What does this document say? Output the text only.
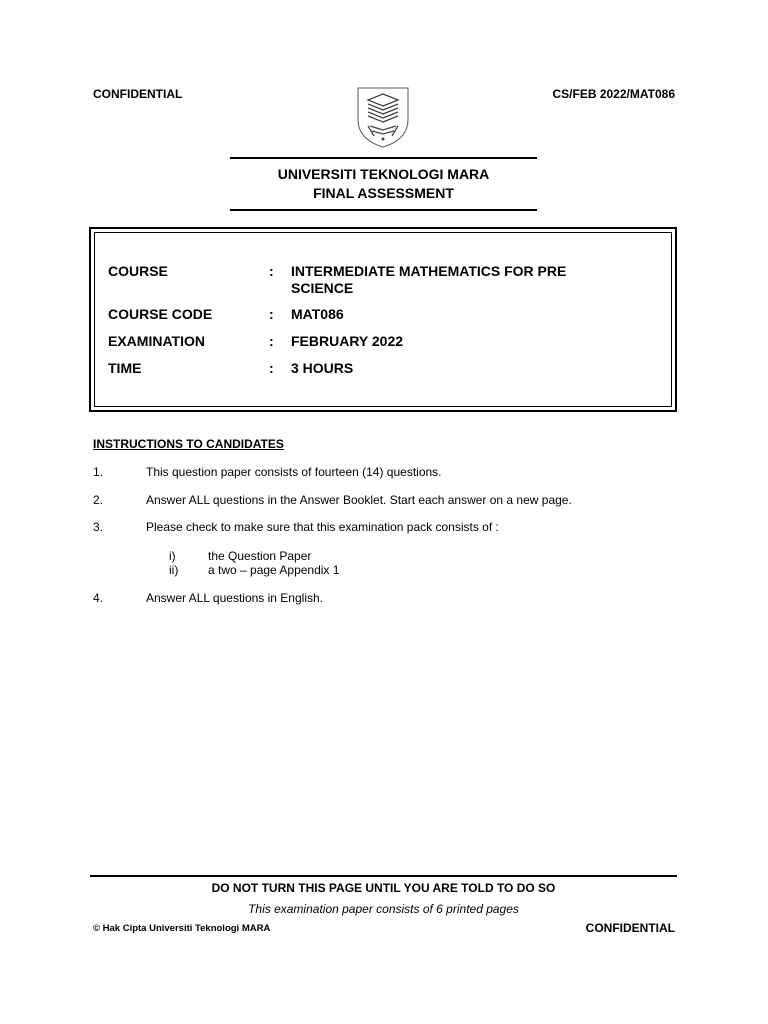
CONFIDENTIAL	CS/FEB 2022/MAT086
UNIVERSITI TEKNOLOGI MARA
FINAL ASSESSMENT
COURSE	: INTERMEDIATE MATHEMATICS FOR PRE SCIENCE
COURSE CODE	: MAT086
EXAMINATION	: FEBRUARY 2022
TIME	: 3 HOURS
INSTRUCTIONS TO CANDIDATES
1.	This question paper consists of fourteen (14) questions.
2.	Answer ALL questions in the Answer Booklet. Start each answer on a new page.
3.	Please check to make sure that this examination pack consists of :
i)	the Question Paper
ii) a two – page Appendix 1
4.	Answer ALL questions in English.
DO NOT TURN THIS PAGE UNTIL YOU ARE TOLD TO DO SO
This examination paper consists of 6 printed pages
© Hak Cipta Universiti Teknologi MARA	CONFIDENTIAL
